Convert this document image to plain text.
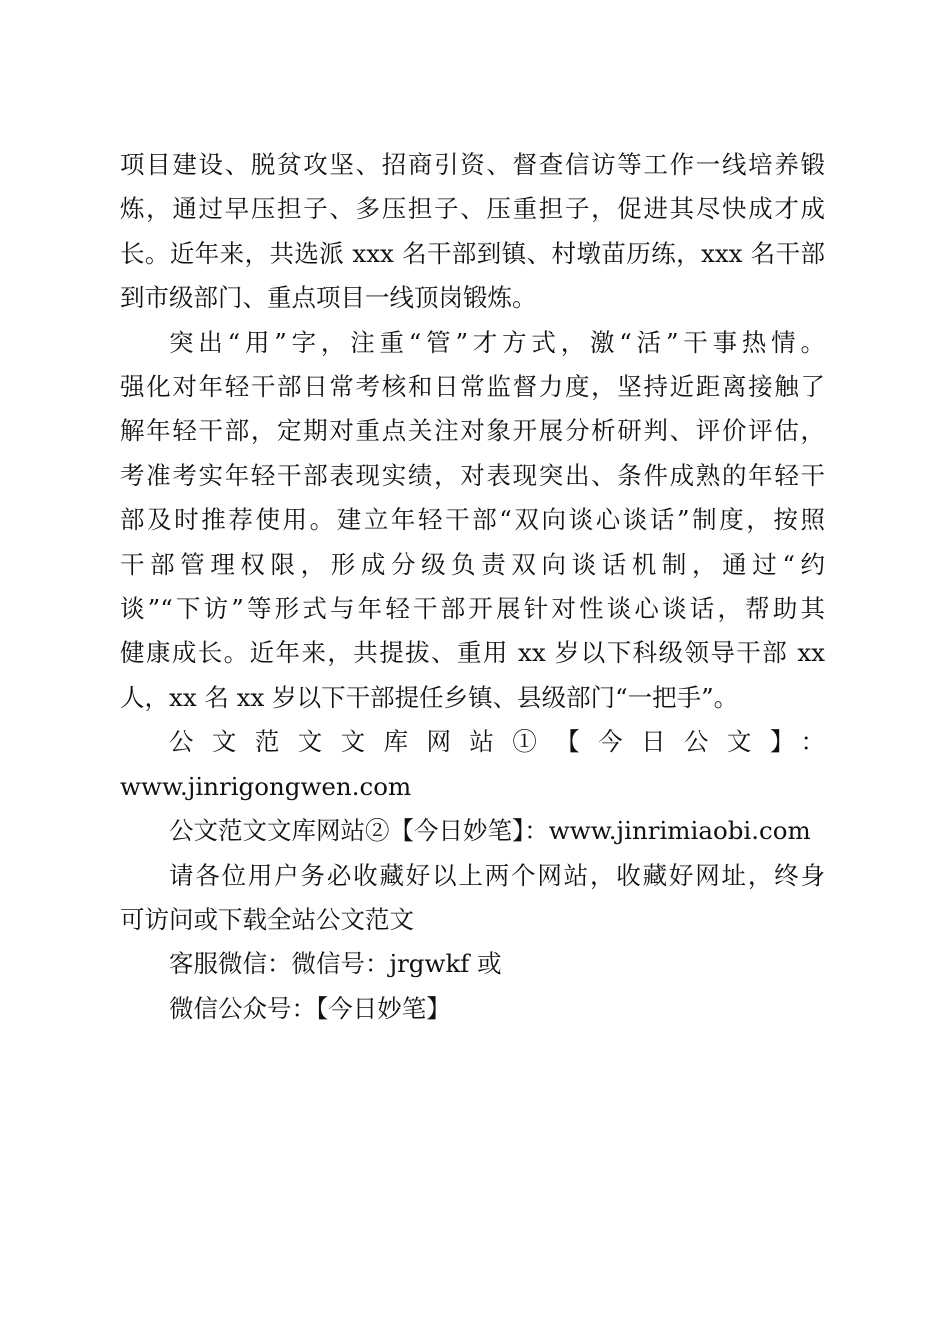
项目建设、脱贫攻坚、招商引资、督查信访等工作一线培养锻
炼，通过早压担子、多压担子、压重担子，促进其尽快成才成
长。近年来，共选派 xxx 名干部到镇、村墩苗历练，xxx 名干部
到市级部门、重点项目一线顶岗锻炼。

突出“用”字，注重“管”才方式，激“活”干事热情。
强化对年轻干部日常考核和日常监督力度，坚持近距离接触了
解年轻干部，定期对重点关注对象开展分析研判、评价评估，
考准考实年轻干部表现实绩，对表现突出、条件成熟的年轻干
部及时推荐使用。建立年轻干部“双向谈心谈话”制度，按照
干部管理权限，形成分级负责双向谈话机制，通过“约
谈”“下访”等形式与年轻干部开展针对性谈心谈话，帮助其
健康成长。近年来，共提拔、重用 xx 岁以下科级领导干部 xx
人，xx 名 xx 岁以下干部提任乡镇、县级部门“一把手”。

公文范文文库网站①【今日公文】：
www.jinrigongwen.com

公文范文文库网站②【今日妙笔】：www.jinrimiaobi.com

请各位用户务必收藏好以上两个网站，收藏好网址，终身
可访问或下载全站公文范文

客服微信：微信号：jrgwkf 或

微信公众号：【今日妙笔】
